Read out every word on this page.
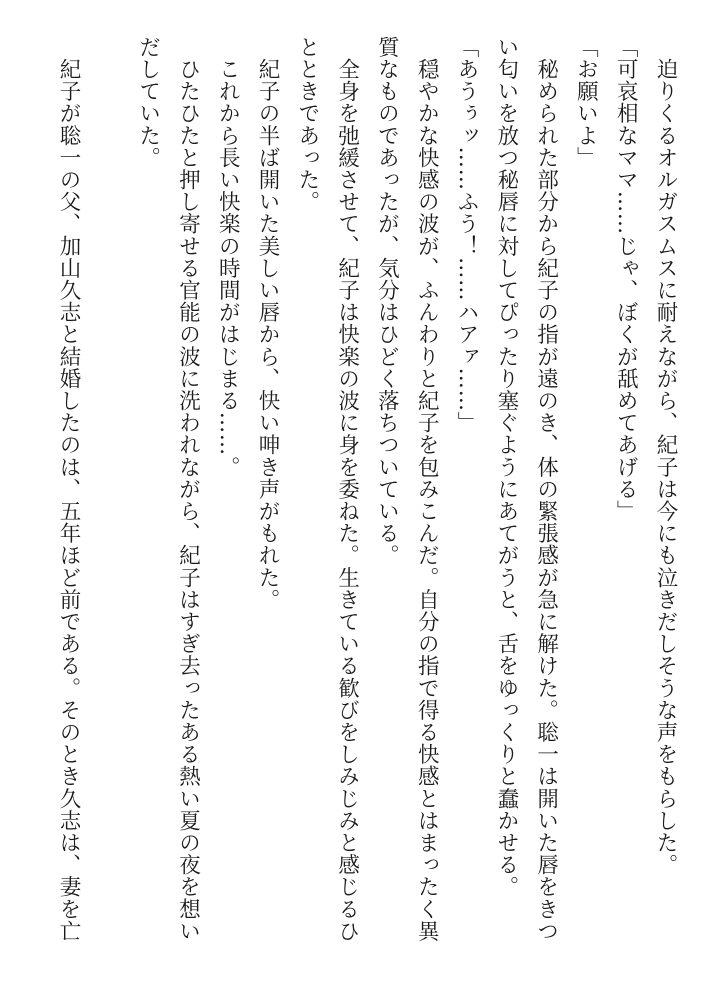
　迫りくるオルガスムスに耐えながら、紀子は今にも泣きだしそうな声をもらした。
「可哀相なママ……じゃ、ぼくが舐めてあげる」
「お願いよ」
　秘められた部分から紀子の指が遠のき、体の緊張感が急に解けた。聡一は開いた唇をきつ
い匂いを放つ秘唇に対してぴったり塞ぐようにあてがうと、舌をゆっくりと蠢かせる。
「あうぅッ……ふう！……ハアァ……」
　穏やかな快感の波が、ふんわりと紀子を包みこんだ。自分の指で得る快感とはまったく異
質なものであったが、気分はひどく落ちついている。
　全身を弛緩させて、紀子は快楽の波に身を委ねた。生きている歓びをしみじみと感じるひ
とときであった。
　紀子の半ば開いた美しい唇から、快い呻き声がもれた。
　これから長い快楽の時間がはじまる……。
　ひたひたと押し寄せる官能の波に洗われながら、紀子はすぎ去ったある熱い夏の夜を想い
だしていた。

　紀子が聡一の父、加山久志と結婚したのは、五年ほど前である。そのとき久志は、妻を亡
